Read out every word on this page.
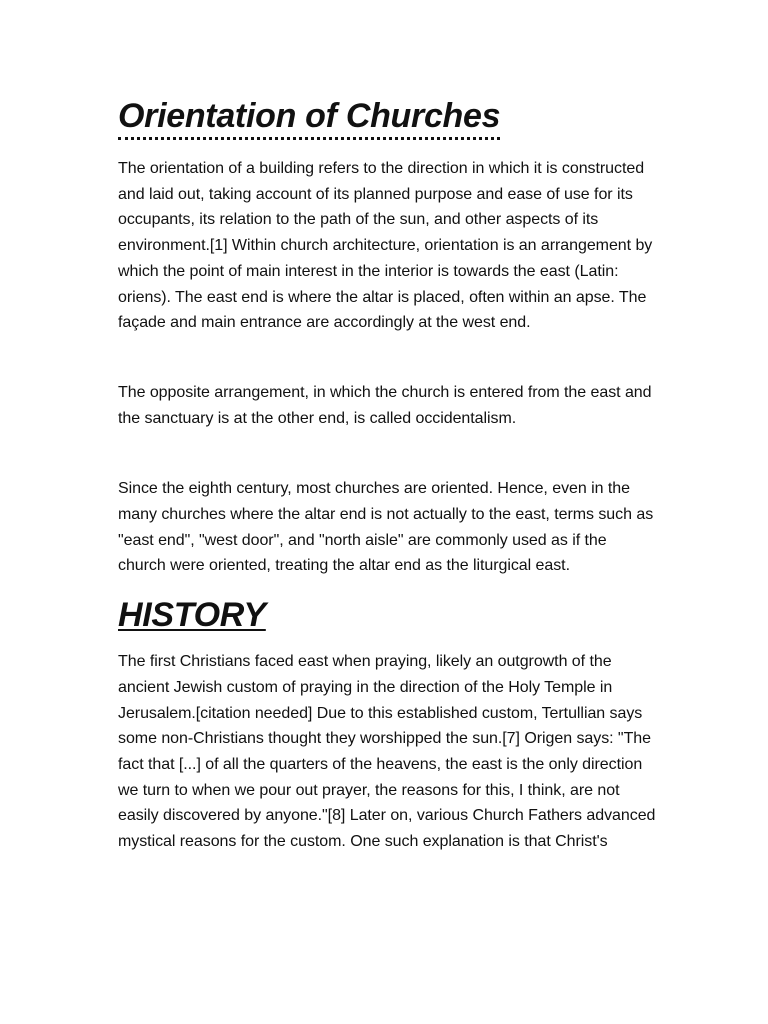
Orientation of Churches

The orientation of a building refers to the direction in which it is constructed and laid out, taking account of its planned purpose and ease of use for its occupants, its relation to the path of the sun, and other aspects of its environment.[1] Within church architecture, orientation is an arrangement by which the point of main interest in the interior is towards the east (Latin: oriens). The east end is where the altar is placed, often within an apse. The façade and main entrance are accordingly at the west end.

The opposite arrangement, in which the church is entered from the east and the sanctuary is at the other end, is called occidentalism.

Since the eighth century, most churches are oriented. Hence, even in the many churches where the altar end is not actually to the east, terms such as "east end", "west door", and "north aisle" are commonly used as if the church were oriented, treating the altar end as the liturgical east.

HISTORY

The first Christians faced east when praying, likely an outgrowth of the ancient Jewish custom of praying in the direction of the Holy Temple in Jerusalem.[citation needed] Due to this established custom, Tertullian says some non-Christians thought they worshipped the sun.[7] Origen says: "The fact that [...] of all the quarters of the heavens, the east is the only direction we turn to when we pour out prayer, the reasons for this, I think, are not easily discovered by anyone."[8] Later on, various Church Fathers advanced mystical reasons for the custom. One such explanation is that Christ's
